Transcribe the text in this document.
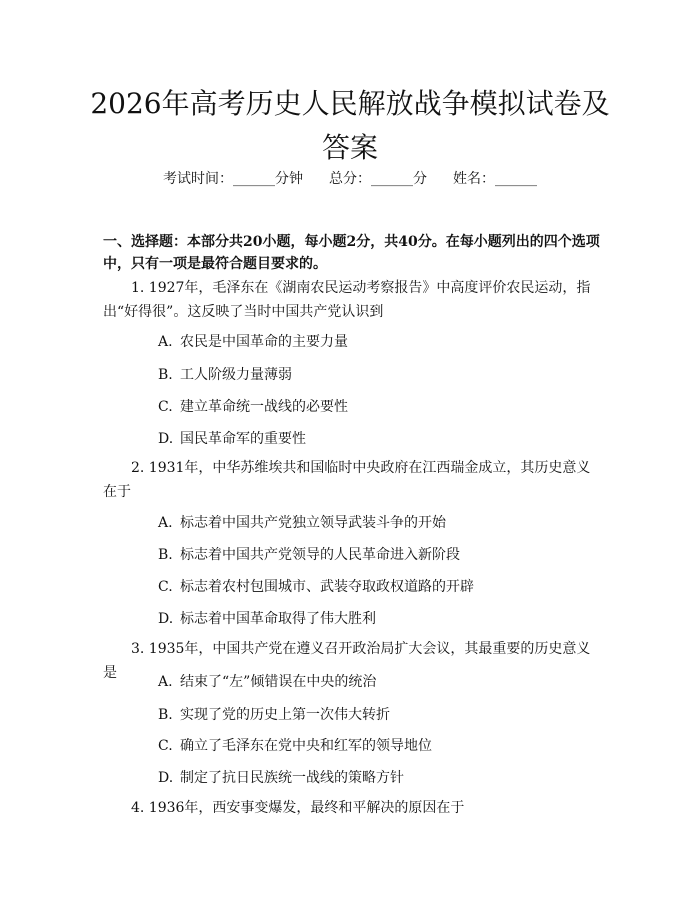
2026年高考历史人民解放战争模拟试卷及答案
考试时间：______分钟 总分：______分 姓名：______
一、选择题：本部分共20小题，每小题2分，共40分。在每小题列出的四个选项中，只有一项是最符合题目要求的。
1. 1927年，毛泽东在《湖南农民运动考察报告》中高度评价农民运动，指出“好得很”。这反映了当时中国共产党认识到
A. 农民是中国革命的主要力量
B. 工人阶级力量薄弱
C. 建立革命统一战线的必要性
D. 国民革命军的重要性
2. 1931年，中华苏维埃共和国临时中央政府在江西瑞金成立，其历史意义在于
A. 标志着中国共产党独立领导武装斗争的开始
B. 标志着中国共产党领导的人民革命进入新阶段
C. 标志着农村包围城市、武装夺取政权道路的开辟
D. 标志着中国革命取得了伟大胜利
3. 1935年，中国共产党在遵义召开政治局扩大会议，其最重要的历史意义是
A. 结束了“左”倾错误在中央的统治
B. 实现了党的历史上第一次伟大转折
C. 确立了毛泽东在党中央和红军的领导地位
D. 制定了抗日民族统一战线的策略方针
4. 1936年，西安事变爆发，最终和平解决的原因在于
